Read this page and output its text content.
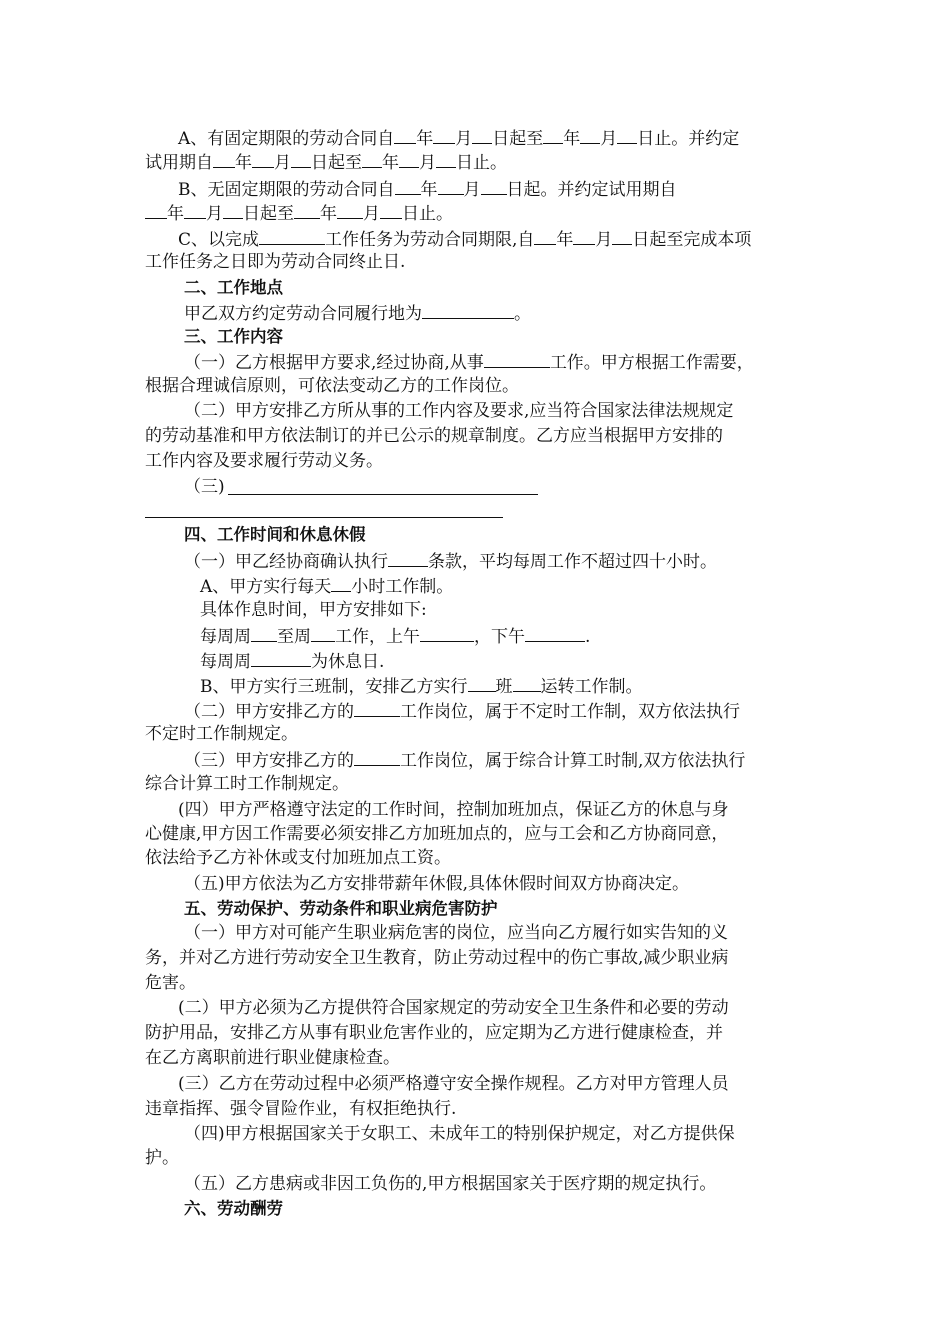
A、有固定期限的劳动合同自 年 月 日起至 年 月 日止。并约定
试用期自 年 月 日起至 年 月 日止。
B、无固定期限的劳动合同自 年 月 日起。并约定试用期自
年 月 日起至 年 月 日止。
C、以完成	工作任务为劳动合同期限,自 年 月 日起至完成本项
工作任务之日即为劳动合同终止日.
二、工作地点
甲乙双方约定劳动合同履行地为	。
三、工作内容
（一）乙方根据甲方要求,经过协商,从事	工作。甲方根据工作需要，
根据合理诚信原则，可依法变动乙方的工作岗位。
（二）甲方安排乙方所从事的工作内容及要求,应当符合国家法律法规规定
的劳动基准和甲方依法制订的并已公示的规章制度。乙方应当根据甲方安排的
工作内容及要求履行劳动义务。
（三)
四、工作时间和休息休假
（一）甲乙经协商确认执行 条款，平均每周工作不超过四十小时。
A、甲方实行每天 小时工作制。
具体作息时间，甲方安排如下:
每周周 至周 工作，上午	，下午	.
每周周	为休息日.
B、甲方实行三班制，安排乙方实行 班 运转工作制。
（二）甲方安排乙方的	工作岗位，属于不定时工作制，双方依法执行
不定时工作制规定。
（三）甲方安排乙方的	工作岗位，属于综合计算工时制,双方依法执行
综合计算工时工作制规定。
(四）甲方严格遵守法定的工作时间，控制加班加点，保证乙方的休息与身
心健康,甲方因工作需要必须安排乙方加班加点的，应与工会和乙方协商同意，
依法给予乙方补休或支付加班加点工资。
（五)甲方依法为乙方安排带薪年休假,具体休假时间双方协商决定。
五、劳动保护、劳动条件和职业病危害防护
（一）甲方对可能产生职业病危害的岗位，应当向乙方履行如实告知的义
务，并对乙方进行劳动安全卫生教育，防止劳动过程中的伤亡事故,减少职业病
危害。
(二）甲方必须为乙方提供符合国家规定的劳动安全卫生条件和必要的劳动
防护用品，安排乙方从事有职业危害作业的，应定期为乙方进行健康检查，并
在乙方离职前进行职业健康检查。
(三）乙方在劳动过程中必须严格遵守安全操作规程。乙方对甲方管理人员
违章指挥、强令冒险作业，有权拒绝执行.
（四)甲方根据国家关于女职工、未成年工的特别保护规定，对乙方提供保
护。
（五）乙方患病或非因工负伤的,甲方根据国家关于医疗期的规定执行。
六、劳动酬劳
